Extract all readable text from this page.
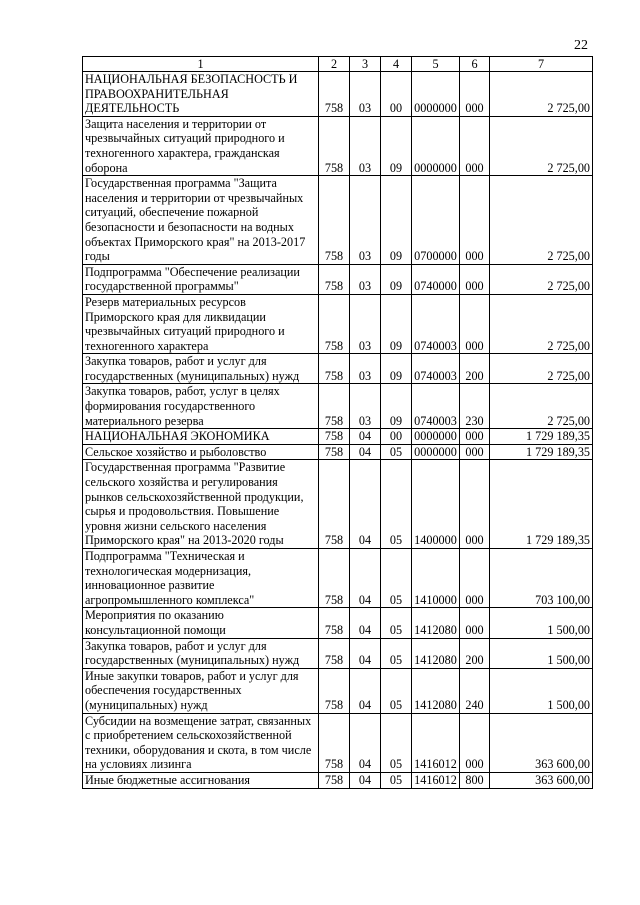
22
1	2	3	4	5	6	7
НАЦИОНАЛЬНАЯ БЕЗОПАСНОСТЬ И ПРАВООХРАНИТЕЛЬНАЯ ДЕЯТЕЛЬНОСТЬ	758	03	00	0000000	000	2 725,00
Защита населения и территории от чрезвычайных ситуаций природного и техногенного характера, гражданская оборона	758	03	09	0000000	000	2 725,00
Государственная программа "Защита населения и территории от чрезвычайных ситуаций, обеспечение пожарной безопасности и безопасности на водных объектах Приморского края" на 2013-2017 годы	758	03	09	0700000	000	2 725,00
Подпрограмма "Обеспечение реализации государственной программы"	758	03	09	0740000	000	2 725,00
Резерв материальных ресурсов Приморского края для ликвидации чрезвычайных ситуаций природного и техногенного характера	758	03	09	0740003	000	2 725,00
Закупка товаров, работ и услуг для государственных (муниципальных) нужд	758	03	09	0740003	200	2 725,00
Закупка товаров, работ, услуг в целях формирования государственного материального резерва	758	03	09	0740003	230	2 725,00
НАЦИОНАЛЬНАЯ ЭКОНОМИКА	758	04	00	0000000	000	1 729 189,35
Сельское хозяйство и рыболовство	758	04	05	0000000	000	1 729 189,35
Государственная программа "Развитие сельского хозяйства и регулирования рынков сельскохозяйственной продукции, сырья и продовольствия. Повышение уровня жизни сельского населения Приморского края" на 2013-2020 годы	758	04	05	1400000	000	1 729 189,35
Подпрограмма "Техническая и технологическая модернизация, инновационное развитие агропромышленного комплекса"	758	04	05	1410000	000	703 100,00
Мероприятия по оказанию консультационной помощи	758	04	05	1412080	000	1 500,00
Закупка товаров, работ и услуг для государственных (муниципальных) нужд	758	04	05	1412080	200	1 500,00
Иные закупки товаров, работ и услуг для обеспечения государственных (муниципальных) нужд	758	04	05	1412080	240	1 500,00
Субсидии на возмещение затрат, связанных с приобретением сельскохозяйственной техники, оборудования и скота, в том числе на условиях лизинга	758	04	05	1416012	000	363 600,00
Иные бюджетные ассигнования	758	04	05	1416012	800	363 600,00
